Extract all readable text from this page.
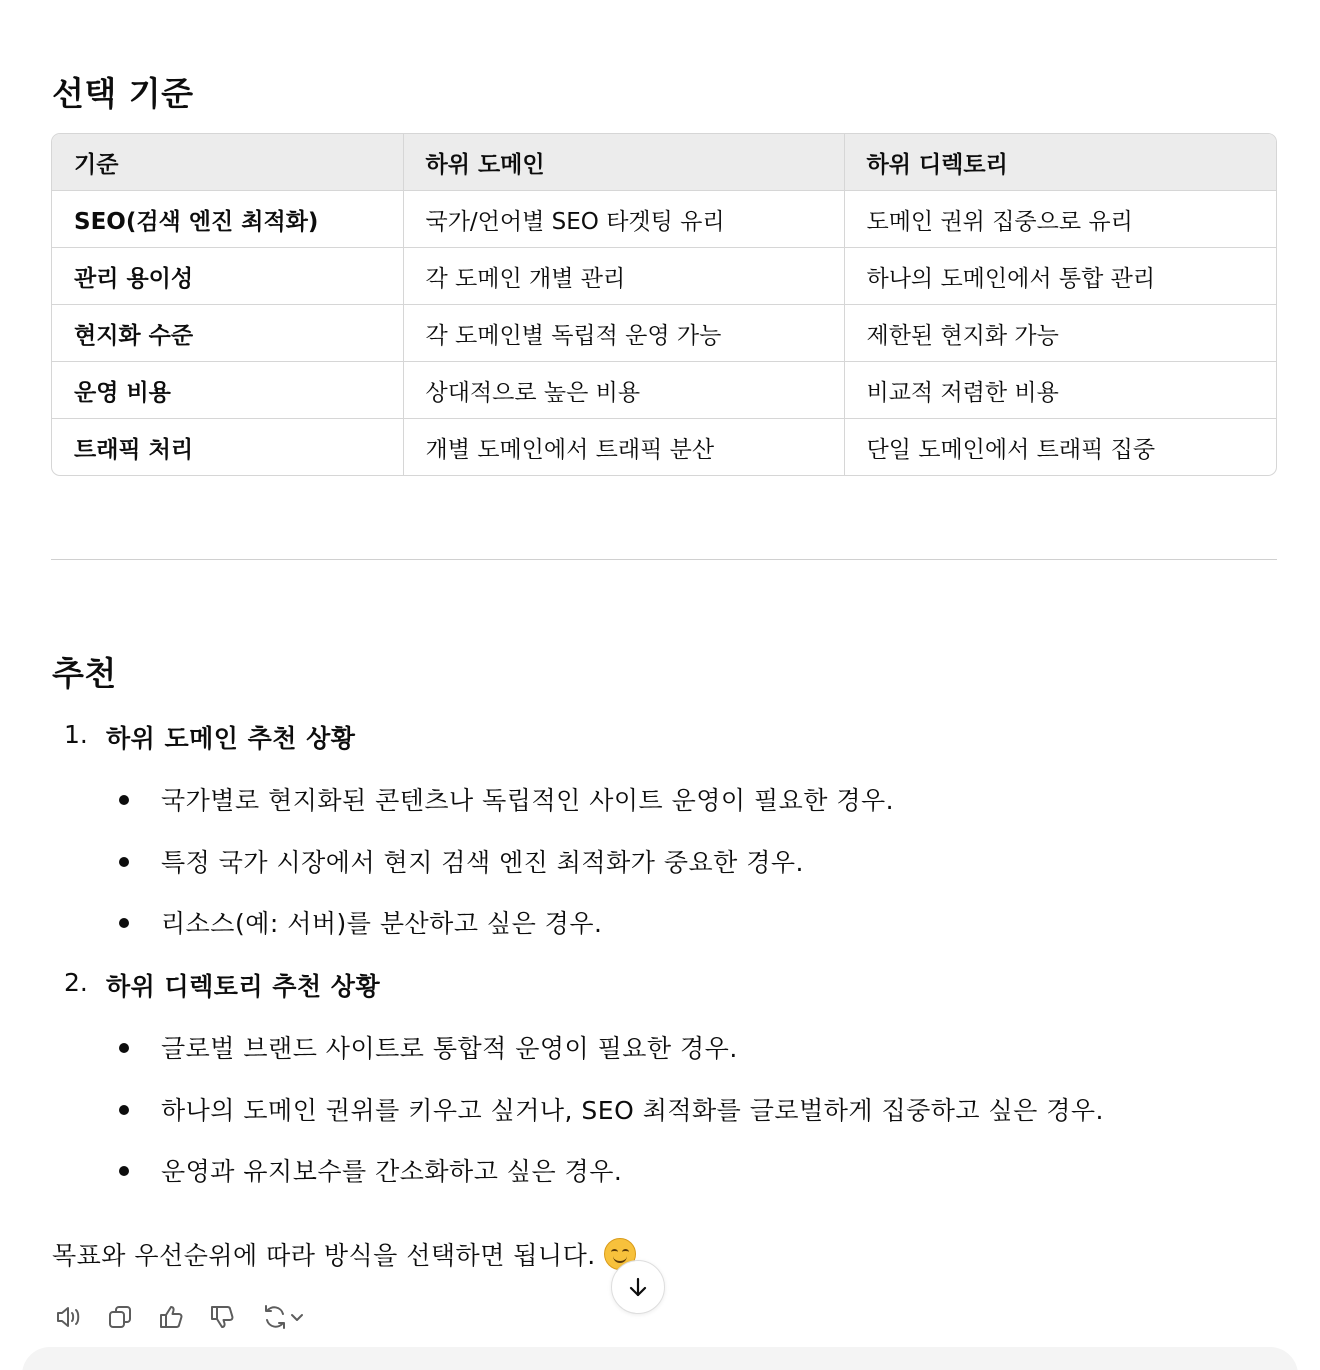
선택 기준
기준	하위 도메인	하위 디렉토리
SEO(검색 엔진 최적화)	국가/언어별 SEO 타겟팅 유리	도메인 권위 집중으로 유리
관리 용이성	각 도메인 개별 관리	하나의 도메인에서 통합 관리
현지화 수준	각 도메인별 독립적 운영 가능	제한된 현지화 가능
운영 비용	상대적으로 높은 비용	비교적 저렴한 비용
트래픽 처리	개별 도메인에서 트래픽 분산	단일 도메인에서 트래픽 집중
추천
1. 하위 도메인 추천 상황
국가별로 현지화된 콘텐츠나 독립적인 사이트 운영이 필요한 경우.
특정 국가 시장에서 현지 검색 엔진 최적화가 중요한 경우.
리소스(예: 서버)를 분산하고 싶은 경우.
2. 하위 디렉토리 추천 상황
글로벌 브랜드 사이트로 통합적 운영이 필요한 경우.
하나의 도메인 권위를 키우고 싶거나, SEO 최적화를 글로벌하게 집중하고 싶은 경우.
운영과 유지보수를 간소화하고 싶은 경우.
목표와 우선순위에 따라 방식을 선택하면 됩니다.
